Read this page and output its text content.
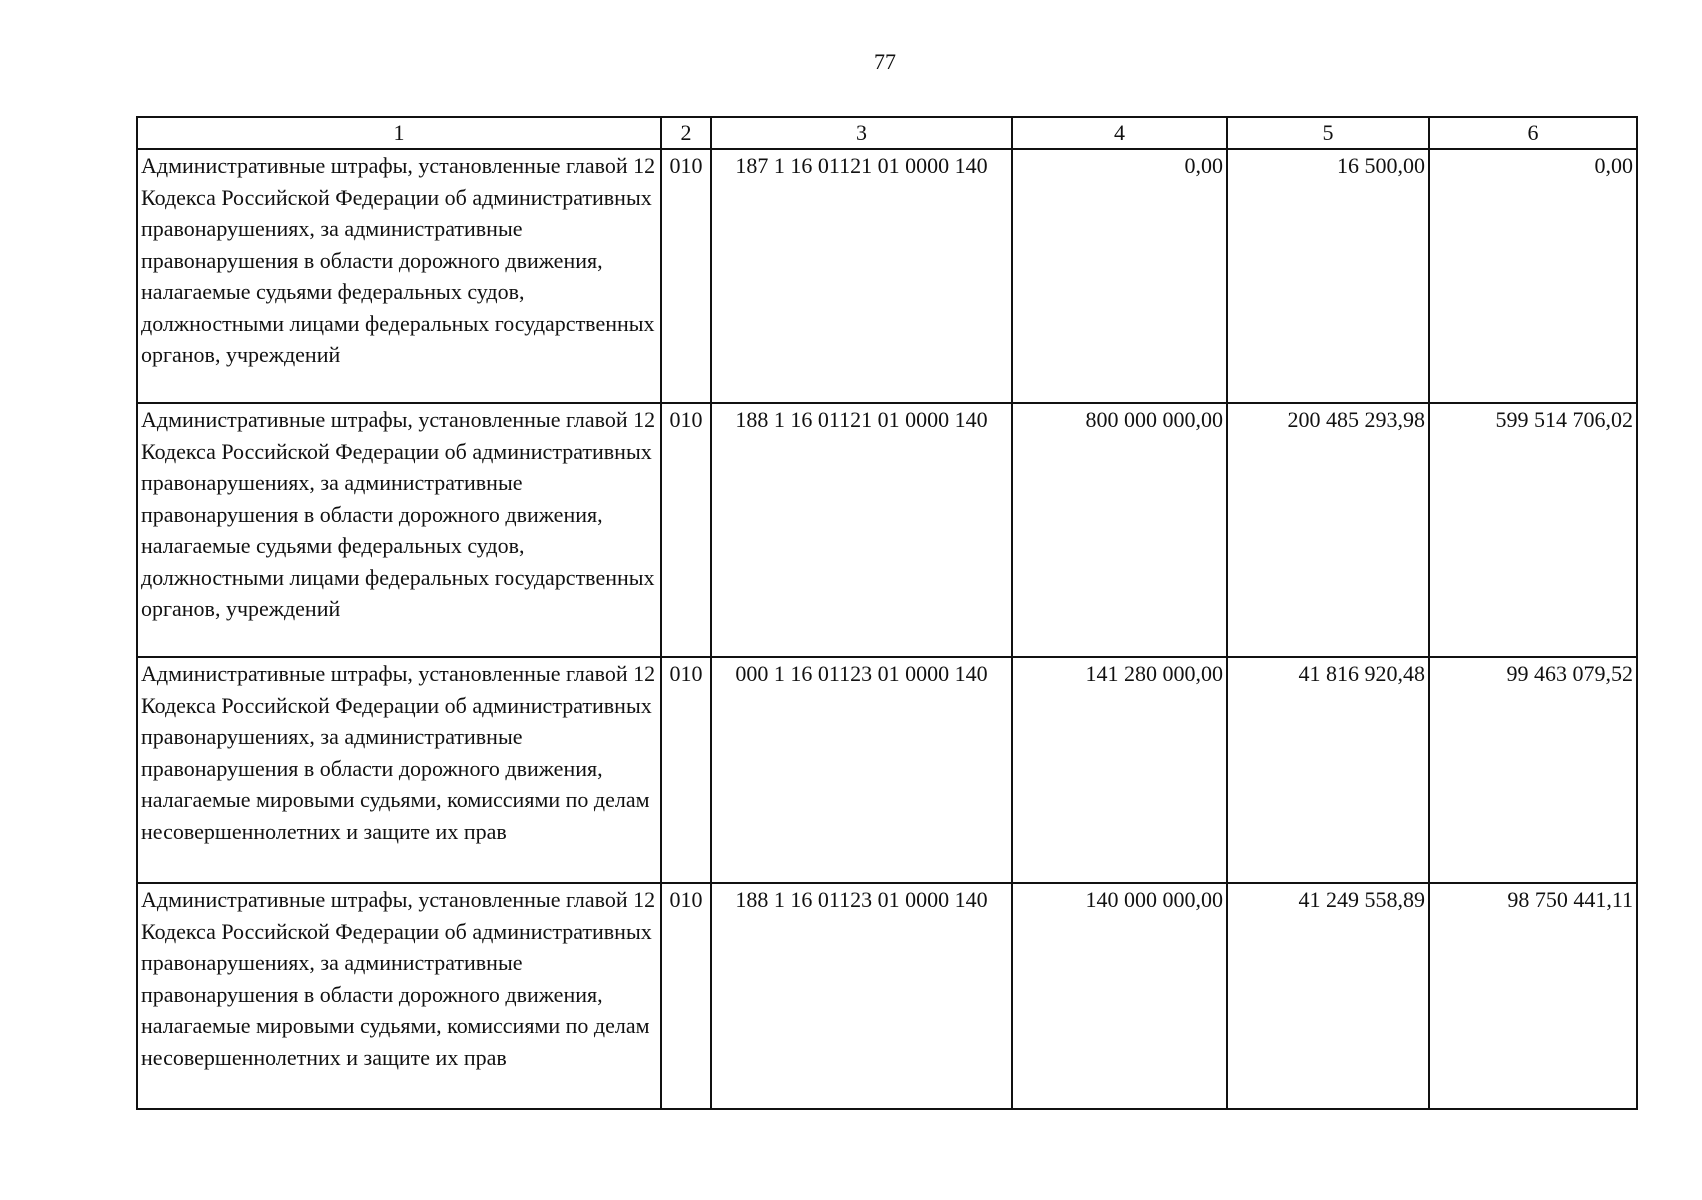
77
1	2	3	4	5	6
Административные штрафы, установленные главой 12 Кодекса Российской Федерации об административных правонарушениях, за административные правонарушения в области дорожного движения, налагаемые судьями федеральных судов, должностными лицами федеральных государственных органов, учреждений	010	187 1 16 01121 01 0000 140	0,00	16 500,00	0,00
Административные штрафы, установленные главой 12 Кодекса Российской Федерации об административных правонарушениях, за административные правонарушения в области дорожного движения, налагаемые судьями федеральных судов, должностными лицами федеральных государственных органов, учреждений	010	188 1 16 01121 01 0000 140	800 000 000,00	200 485 293,98	599 514 706,02
Административные штрафы, установленные главой 12 Кодекса Российской Федерации об административных правонарушениях, за административные правонарушения в области дорожного движения, налагаемые мировыми судьями, комиссиями по делам несовершеннолетних и защите их прав	010	000 1 16 01123 01 0000 140	141 280 000,00	41 816 920,48	99 463 079,52
Административные штрафы, установленные главой 12 Кодекса Российской Федерации об административных правонарушениях, за административные правонарушения в области дорожного движения, налагаемые мировыми судьями, комиссиями по делам несовершеннолетних и защите их прав	010	188 1 16 01123 01 0000 140	140 000 000,00	41 249 558,89	98 750 441,11
